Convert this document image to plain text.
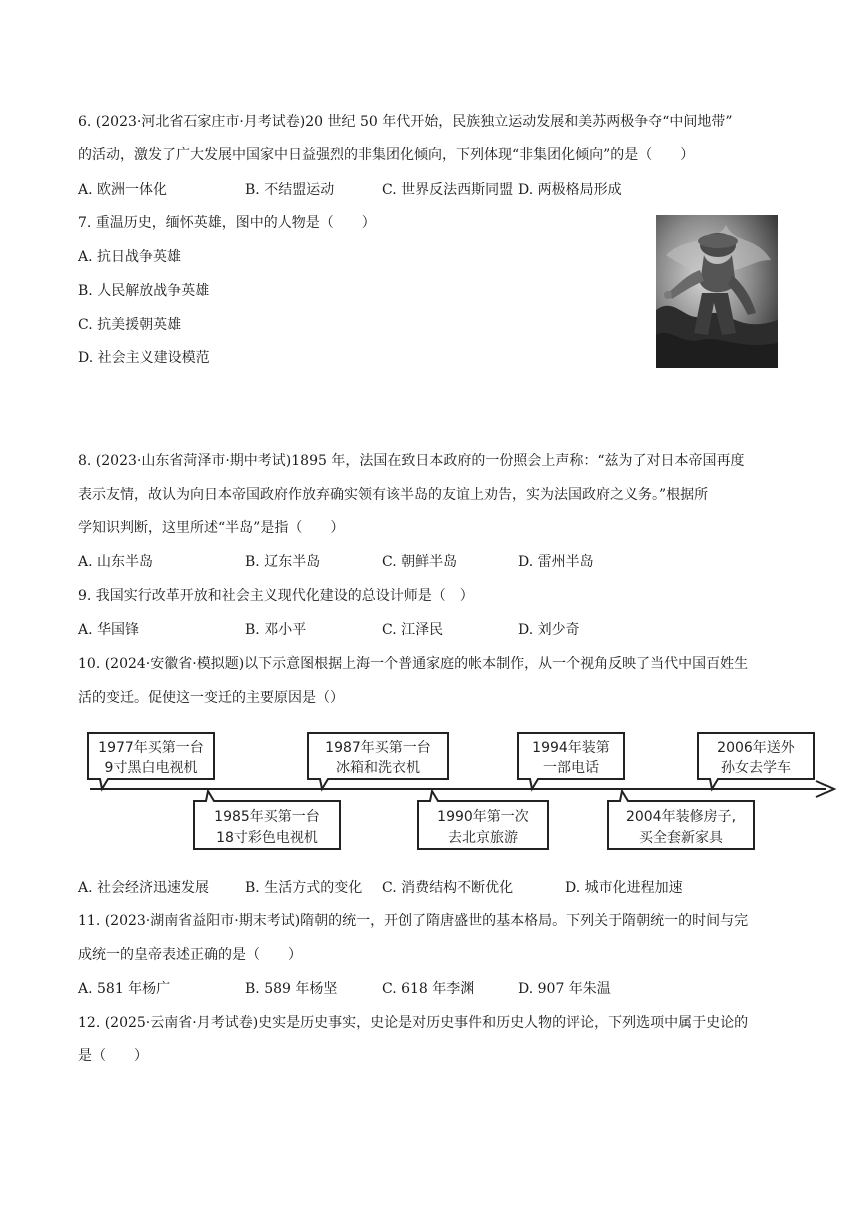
6. (2023·河北省石家庄市·月考试卷)20 世纪 50 年代开始，民族独立运动发展和美苏两极争夺“中间地带”
的活动，激发了广大发展中国家中日益强烈的非集团化倾向，下列体现“非集团化倾向”的是（　　）
A. 欧洲一体化	B. 不结盟运动	C. 世界反法西斯同盟 D. 两极格局形成
7. 重温历史，缅怀英雄，图中的人物是（　　）
A. 抗日战争英雄
B. 人民解放战争英雄
C. 抗美援朝英雄
D. 社会主义建设模范
8. (2023·山东省菏泽市·期中考试)1895 年，法国在致日本政府的一份照会上声称：“兹为了对日本帝国再度
表示友情，故认为向日本帝国政府作放弃确实领有该半岛的友谊上劝告，实为法国政府之义务。”根据所
学知识判断，这里所述“半岛”是指（　　）
A. 山东半岛	B. 辽东半岛	C. 朝鲜半岛	D. 雷州半岛
9. 我国实行改革开放和社会主义现代化建设的总设计师是（　）
A. 华国锋	B. 邓小平	C. 江泽民	D. 刘少奇
10. (2024·安徽省·模拟题)以下示意图根据上海一个普通家庭的帐本制作，从一个视角反映了当代中国百姓生
活的变迁。促使这一变迁的主要原因是（）
1977年买第一台
9寸黑白电视机
1987年买第一台
冰箱和洗衣机
1994年装第
一部电话
2006年送外
孙女去学车
1985年买第一台
18寸彩色电视机
1990年第一次
去北京旅游
2004年装修房子,
买全套新家具
A. 社会经济迅速发展	B. 生活方式的变化 C. 消费结构不断优化	D. 城市化进程加速
11. (2023·湖南省益阳市·期末考试)隋朝的统一，开创了隋唐盛世的基本格局。下列关于隋朝统一的时间与完
成统一的皇帝表述正确的是（　　）
A. 581 年杨广	B. 589 年杨坚	C. 618 年李渊	D. 907 年朱温
12. (2025·云南省·月考试卷)史实是历史事实，史论是对历史事件和历史人物的评论，下列选项中属于史论的
是（　　）
